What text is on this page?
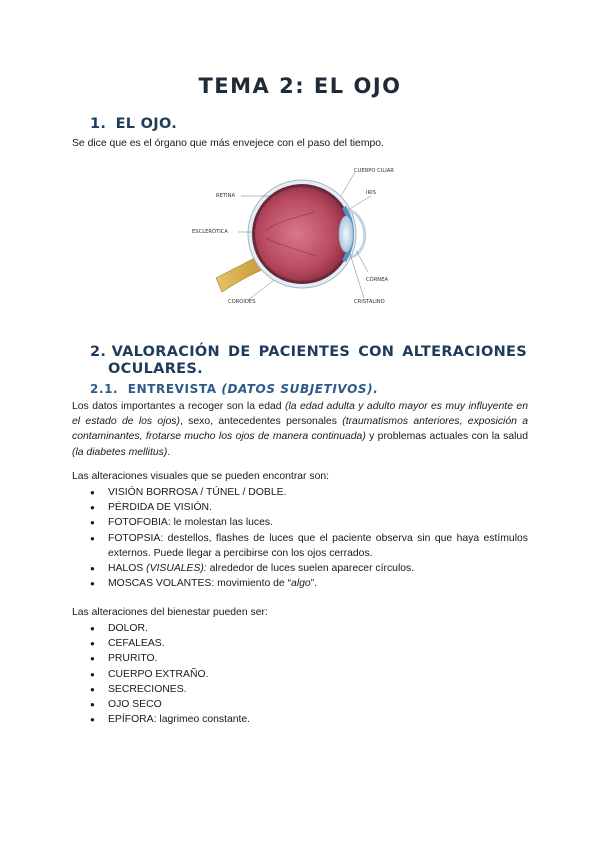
TEMA 2: EL OJO
1. EL OJO.

Se dice que es el órgano que más envejece con el paso del tiempo.

RETINA
CUERPO CILIAR
IRIS
ESCLERÓTICA
CÓRNEA
COROIDES	CRISTALINO
2. VALORACIÓN DE PACIENTES CON ALTERACIONES
OCULARES.
2.1. ENTREVISTA (DATOS SUBJETIVOS).

Los datos importantes a recoger son la edad (la edad adulta y adulto mayor es muy influyente en el estado de los ojos), sexo, antecedentes personales (traumatismos anteriores, exposición a contaminantes, frotarse mucho los ojos de manera continuada) y problemas actuales con la salud (la diabetes mellitus).

Las alteraciones visuales que se pueden encontrar son:

● VISIÓN BORROSA / TÚNEL / DOBLE.
● PÉRDIDA DE VISIÓN.
● FOTOFOBIA: le molestan las luces.
● FOTOPSIA: destellos, flashes de luces que el paciente observa sin que haya estímulos externos. Puede llegar a percibirse con los ojos cerrados.
● HALOS (VISUALES): alrededor de luces suelen aparecer círculos.
● MOSCAS VOLANTES: movimiento de “algo”.

Las alteraciones del bienestar pueden ser:

● DOLOR.
● CEFALEAS.
● PRURITO.
● CUERPO EXTRAÑO.
● SECRECIONES.
● OJO SECO
● EPÍFORA: lagrimeo constante.
